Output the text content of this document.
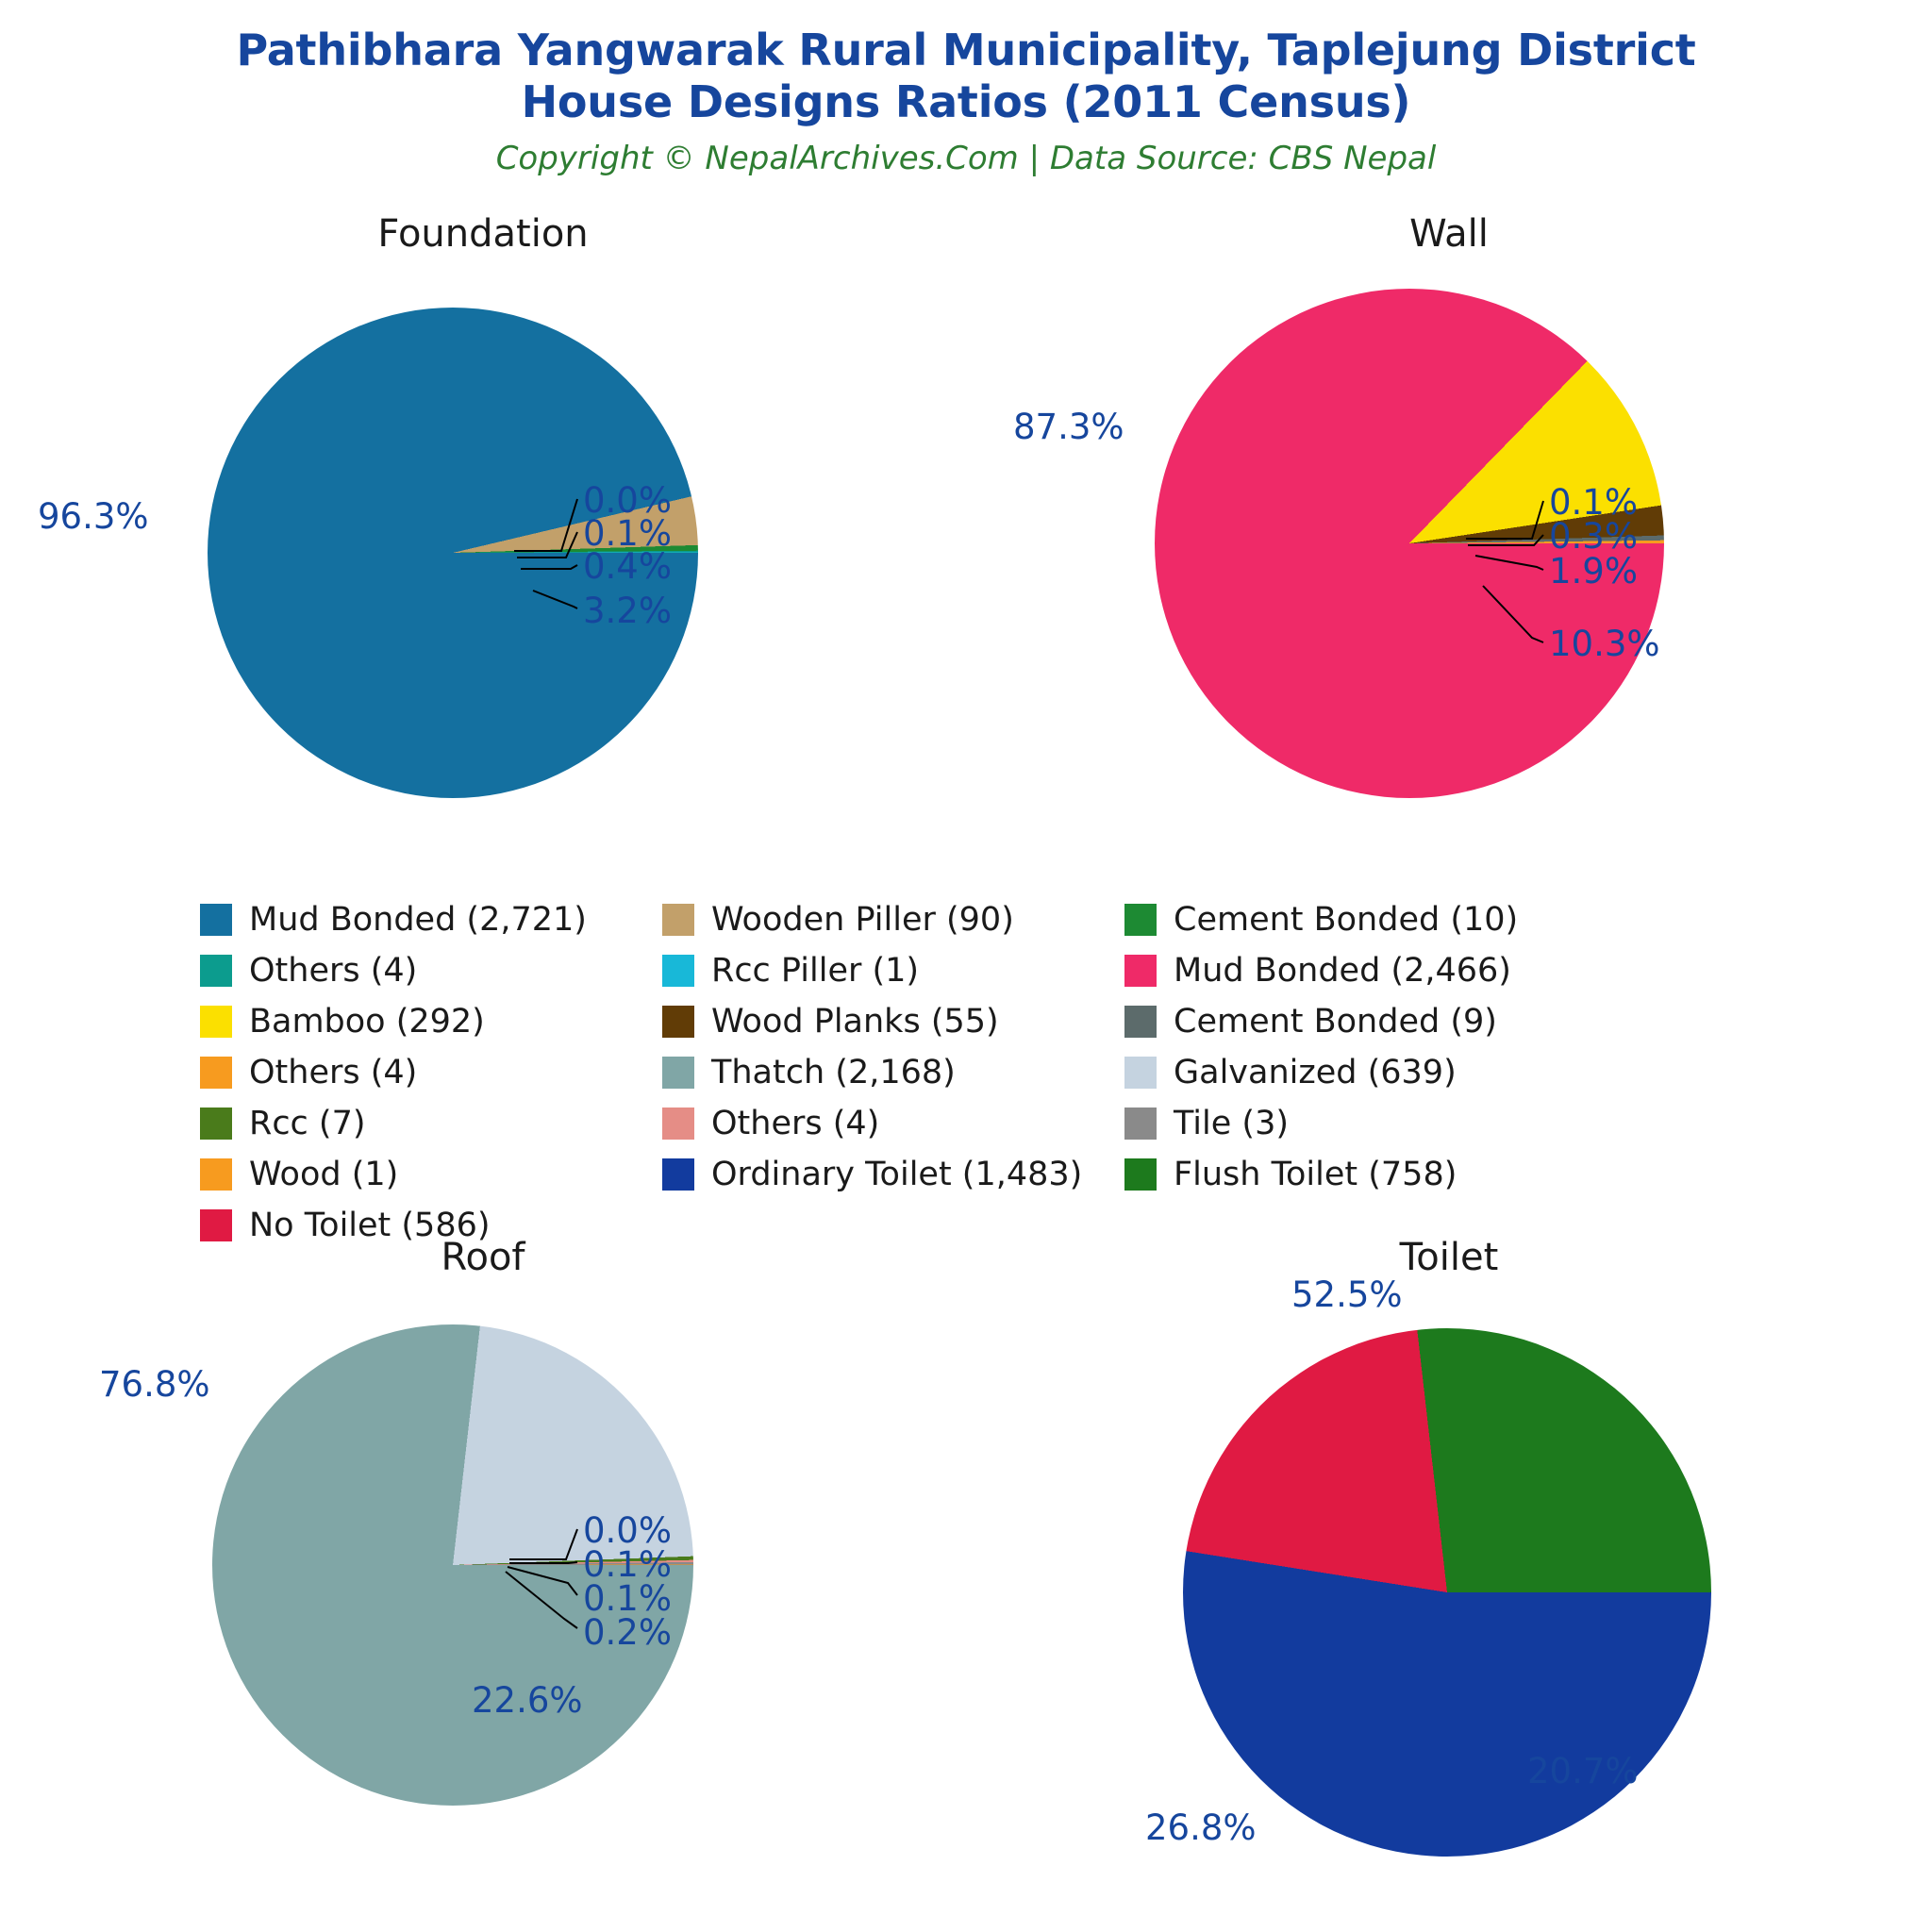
Pathibhara Yangwarak Rural Municipality, Taplejung District
House Designs Ratios (2011 Census)
Copyright © NepalArchives.Com | Data Source: CBS Nepal
Foundation
96.3%	0.0%
0.1%
0.4%
3.2%
Wall
87.3%
0.1%
0.3%
1.9%
10.3%
Mud Bonded (2,721)	Wooden Piller (90)	Cement Bonded (10)
Others (4)	Rcc Piller (1)	Mud Bonded (2,466)
Bamboo (292)	Wood Planks (55)	Cement Bonded (9)
Others (4)	Thatch (2,168)	Galvanized (639)
Rcc (7)	Others (4)	Tile (3)
Wood (1)	Ordinary Toilet (1,483)	Flush Toilet (758)
No Toilet (586)
Roof
76.8%
0.0%
0.1%
0.1%
0.2%
22.6%
Toilet
52.5%
26.8%
20.7%
